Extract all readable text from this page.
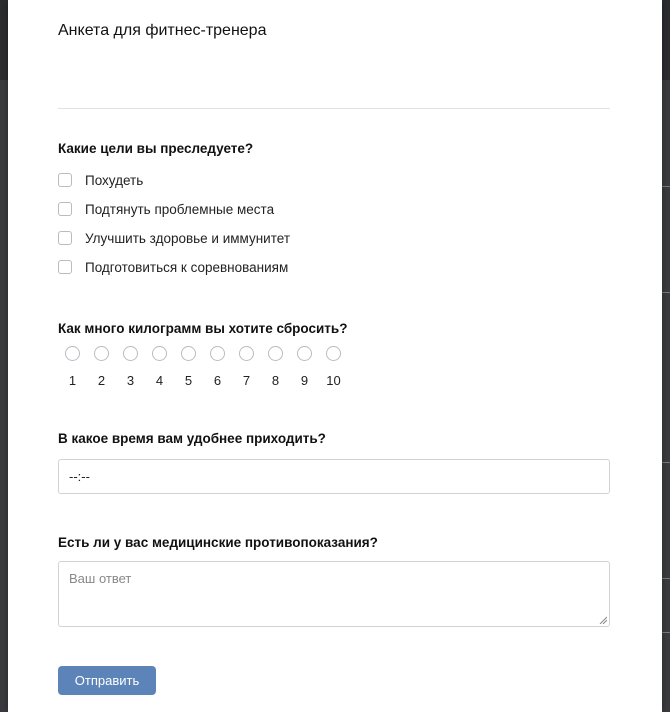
Анкета для фитнес-тренера
Какие цели вы преследуете?
Похудеть
Подтянуть проблемные места
Улучшить здоровье и иммунитет
Подготовиться к соревнованиям
Как много килограмм вы хотите сбросить?
1 2 3 4 5 6 7 8 9 10
В какое время вам удобнее приходить?
--:--
Есть ли у вас медицинские противопоказания?
Ваш ответ
Отправить
